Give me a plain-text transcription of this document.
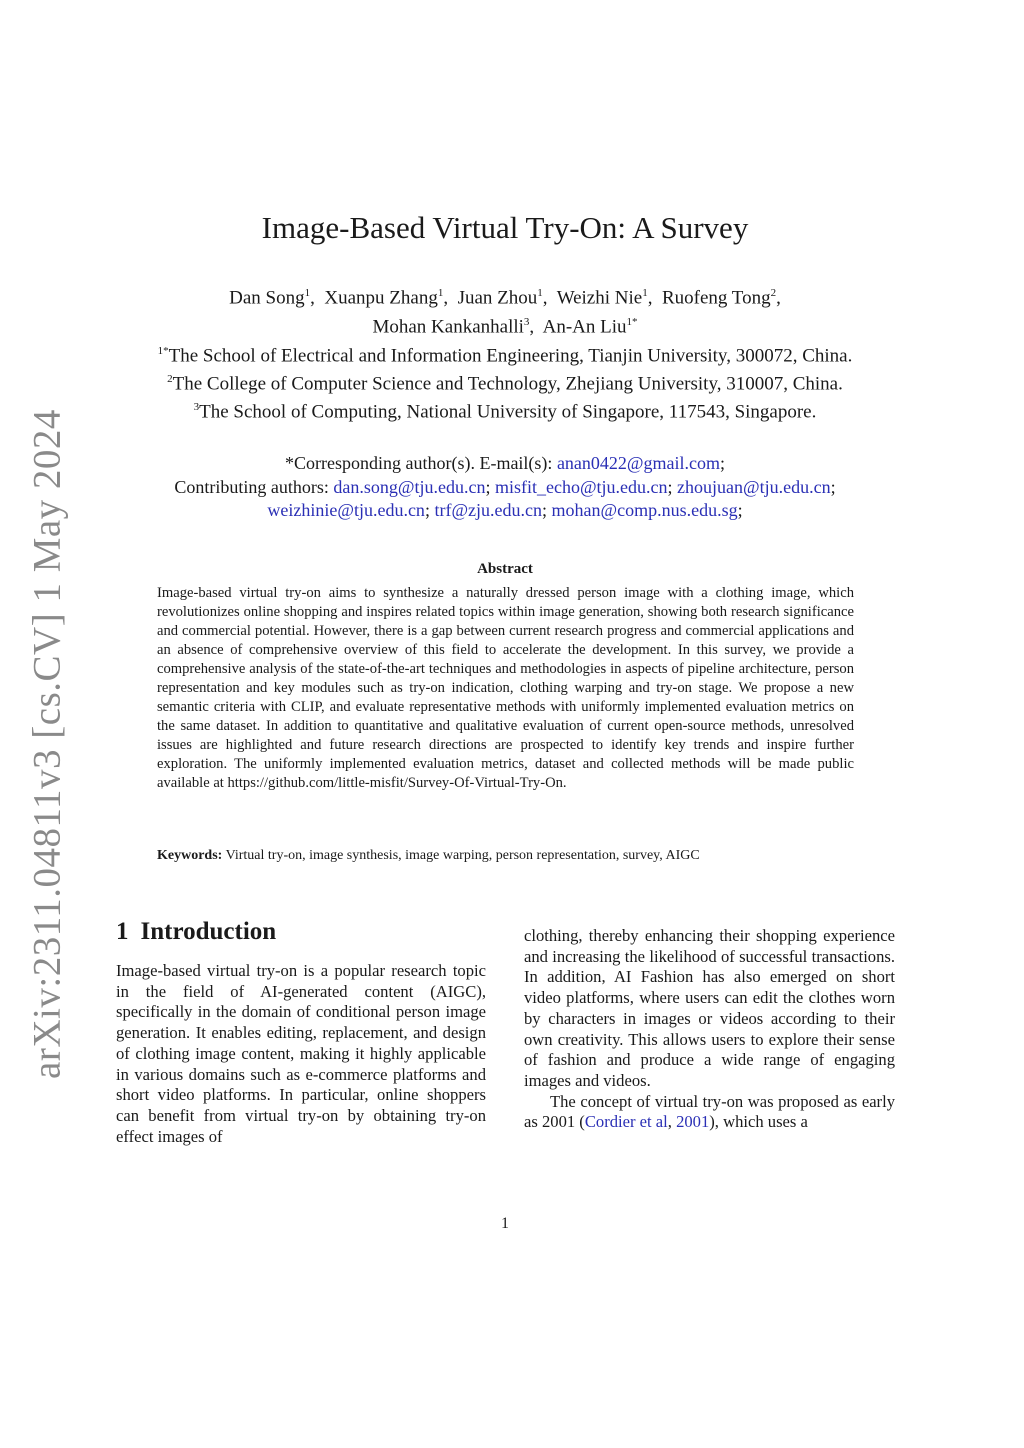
arXiv:2311.04811v3 [cs.CV] 1 May 2024
Image-Based Virtual Try-On: A Survey
Dan Song$^1$,  Xuanpu Zhang$^1$,  Juan Zhou$^1$,  Weizhi Nie$^1$,  Ruofeng Tong$^2$,
Mohan Kankanhalli$^3$,  An-An Liu$^{1*}$
$^{1*}$The School of Electrical and Information Engineering, Tianjin University, 300072, China.
$^2$The College of Computer Science and Technology, Zhejiang University, 310007, China.
$^3$The School of Computing, National University of Singapore, 117543, Singapore.
*Corresponding author(s). E-mail(s): anan0422@gmail.com;
Contributing authors: dan.song@tju.edu.cn; misfit_echo@tju.edu.cn; zhoujuan@tju.edu.cn;
weizhinie@tju.edu.cn; trf@zju.edu.cn; mohan@comp.nus.edu.sg;
Abstract

Image-based virtual try-on aims to synthesize a naturally dressed person image with a clothing image, which revolutionizes online shopping and inspires related topics within image generation, showing both research significance and commercial potential. However, there is a gap between current research progress and commercial applications and an absence of comprehensive overview of this field to accelerate the development. In this survey, we provide a comprehensive analysis of the state-of-the-art techniques and methodologies in aspects of pipeline architecture, person representation and key modules such as try-on indication, clothing warping and try-on stage. We propose a new semantic criteria with CLIP, and evaluate representative methods with uniformly implemented evaluation metrics on the same dataset. In addition to quantitative and qualitative evaluation of current open-source methods, unresolved issues are highlighted and future research directions are prospected to identify key trends and inspire further exploration. The uniformly implemented evaluation metrics, dataset and collected methods will be made public available at https://github.com/little-misfit/Survey-Of-Virtual-Try-On.

Keywords: Virtual try-on, image synthesis, image warping, person representation, survey, AIGC
1 Introduction

Image-based virtual try-on is a popular research topic in the field of AI-generated content (AIGC), specifically in the domain of conditional person image generation. It enables editing, replacement, and design of clothing image content, making it highly applicable in various domains such as e-commerce platforms and short video platforms. In particular, online shoppers can benefit from virtual try-on by obtaining try-on effect images of

clothing, thereby enhancing their shopping experience and increasing the likelihood of successful transactions. In addition, AI Fashion has also emerged on short video platforms, where users can edit the clothes worn by characters in images or videos according to their own creativity. This allows users to explore their sense of fashion and produce a wide range of engaging images and videos.

The concept of virtual try-on was proposed as early as 2001 (Cordier et al, 2001), which uses a

1
